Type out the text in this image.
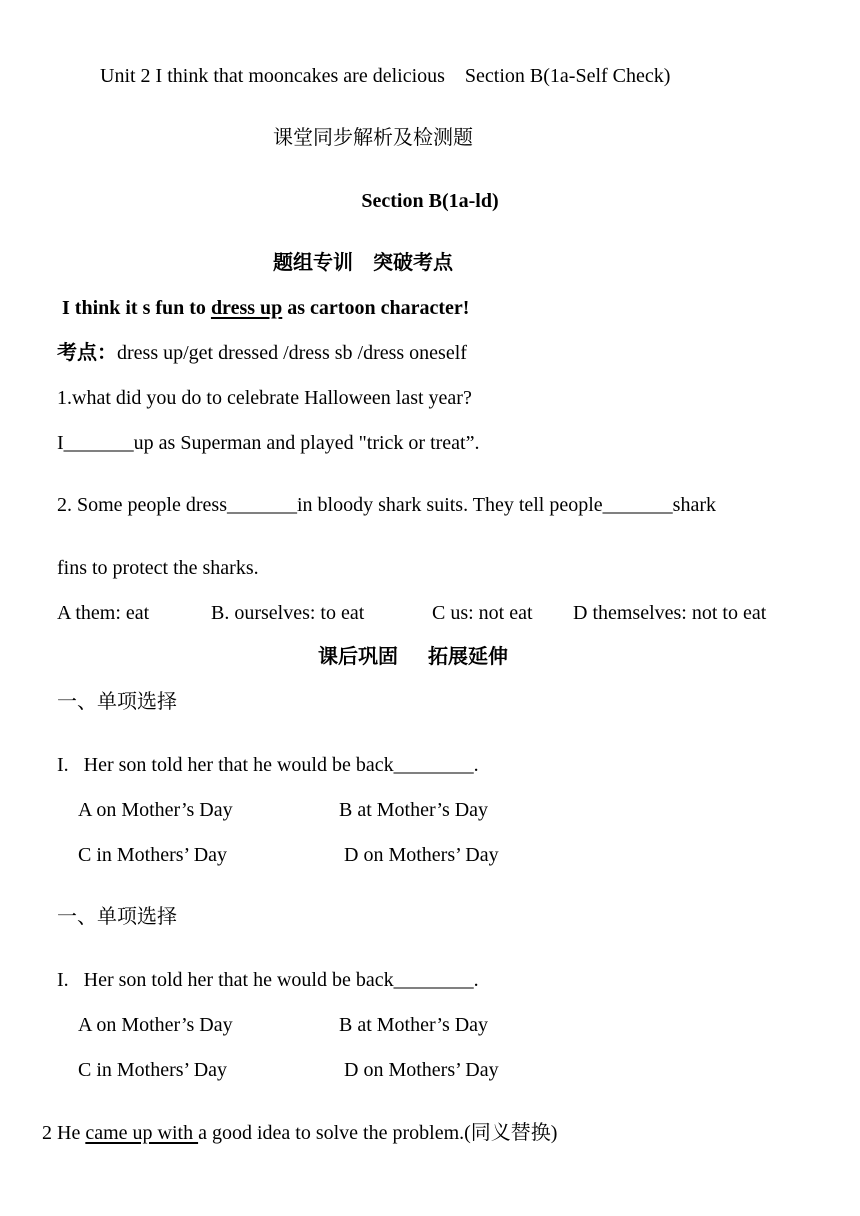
Unit 2 I think that mooncakes are delicious    Section B(1a-Self Check)
课堂同步解析及检测题
Section B(1a-ld)
题组专训    突破考点
I think it s fun to dress up as cartoon character!
考点：dress up/get dressed /dress sb /dress oneself
1.what did you do to celebrate Halloween last year?
I_______up as Superman and played "trick or treat”.
2. Some people dress_______in bloody shark suits. They tell people_______shark
fins to protect the sharks.
A them: eat	B. ourselves: to eat	C us: not eat D themselves: not to eat
课后巩固      拓展延伸
一、单项选择
I.   Her son told her that he would be back________.
A on Mother’s Day	B at Mother’s Day
C in Mothers’ Day	D on Mothers’ Day
一、单项选择
I.   Her son told her that he would be back________.
A on Mother’s Day	B at Mother’s Day
C in Mothers’ Day	D on Mothers’ Day
2 He came up with a good idea to solve the problem.(同义替换)
